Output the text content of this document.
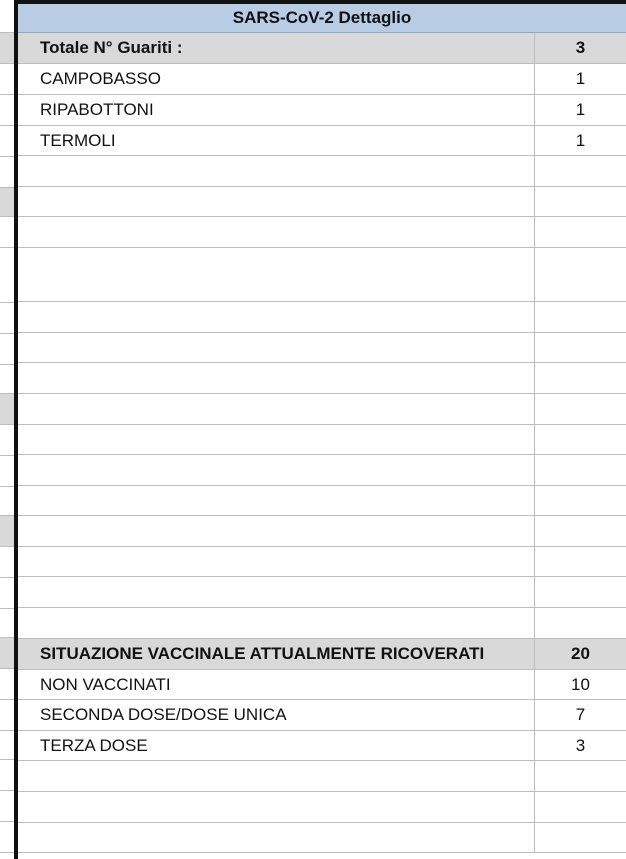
SARS-CoV-2 Dettaglio
Totale N° Guariti :	3
CAMPOBASSO	1
RIPABOTTONI	1
TERMOLI	1
SITUAZIONE VACCINALE ATTUALMENTE RICOVERATI	20
NON VACCINATI	10
SECONDA DOSE/DOSE UNICA	7
TERZA DOSE	3
